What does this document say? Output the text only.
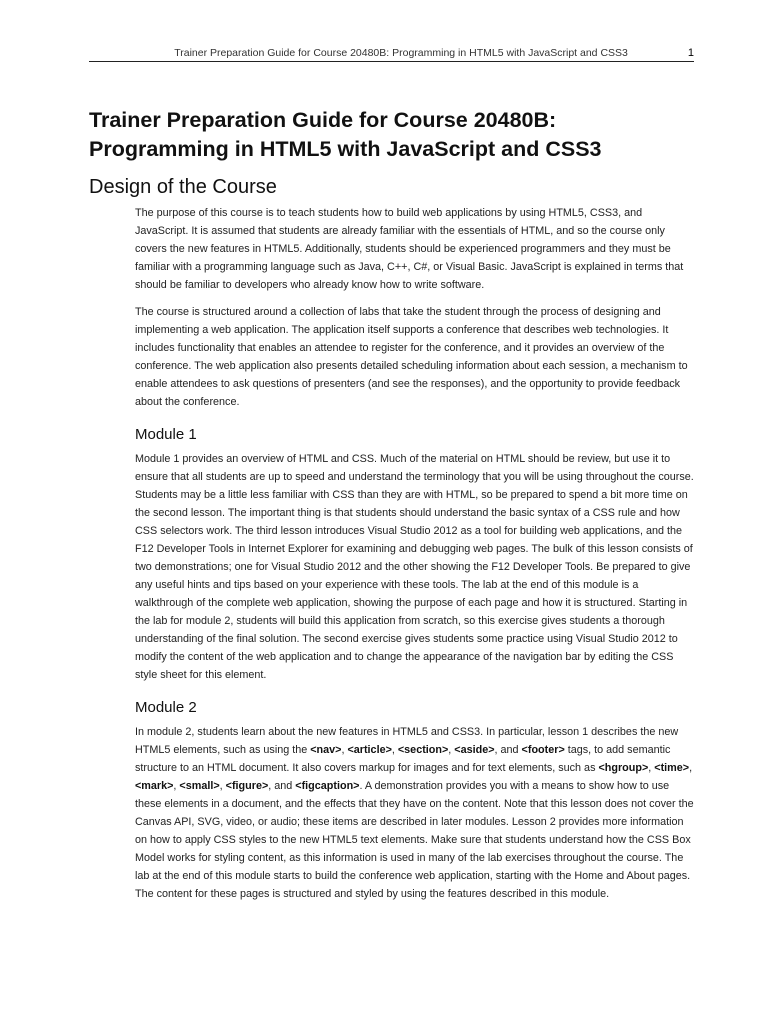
Trainer Preparation Guide for Course 20480B: Programming in HTML5 with JavaScript and CSS3	1
Trainer Preparation Guide for Course 20480B:
Programming in HTML5 with JavaScript and CSS3
Design of the Course

The purpose of this course is to teach students how to build web applications by using HTML5, CSS3, and JavaScript. It is assumed that students are already familiar with the essentials of HTML, and so the course only covers the new features in HTML5. Additionally, students should be experienced programmers and they must be familiar with a programming language such as Java, C++, C#, or Visual Basic. JavaScript is explained in terms that should be familiar to developers who already know how to write software.

The course is structured around a collection of labs that take the student through the process of designing and implementing a web application. The application itself supports a conference that describes web technologies. It includes functionality that enables an attendee to register for the conference, and it provides an overview of the conference. The web application also presents detailed scheduling information about each session, a mechanism to enable attendees to ask questions of presenters (and see the responses), and the opportunity to provide feedback about the conference.

Module 1

Module 1 provides an overview of HTML and CSS. Much of the material on HTML should be review, but use it to ensure that all students are up to speed and understand the terminology that you will be using throughout the course. Students may be a little less familiar with CSS than they are with HTML, so be prepared to spend a bit more time on the second lesson. The important thing is that students should understand the basic syntax of a CSS rule and how CSS selectors work. The third lesson introduces Visual Studio 2012 as a tool for building web applications, and the F12 Developer Tools in Internet Explorer for examining and debugging web pages. The bulk of this lesson consists of two demonstrations; one for Visual Studio 2012 and the other showing the F12 Developer Tools. Be prepared to give any useful hints and tips based on your experience with these tools. The lab at the end of this module is a walkthrough of the complete web application, showing the purpose of each page and how it is structured. Starting in the lab for module 2, students will build this application from scratch, so this exercise gives students a thorough understanding of the final solution. The second exercise gives students some practice using Visual Studio 2012 to modify the content of the web application and to change the appearance of the navigation bar by editing the CSS style sheet for this element.

Module 2

In module 2, students learn about the new features in HTML5 and CSS3. In particular, lesson 1 describes the new HTML5 elements, such as using the <nav>, <article>, <section>, <aside>, and <footer> tags, to add semantic structure to an HTML document. It also covers markup for images and for text elements, such as <hgroup>, <time>, <mark>, <small>, <figure>, and <figcaption>. A demonstration provides you with a means to show how to use these elements in a document, and the effects that they have on the content. Note that this lesson does not cover the Canvas API, SVG, video, or audio; these items are described in later modules. Lesson 2 provides more information on how to apply CSS styles to the new HTML5 text elements. Make sure that students understand how the CSS Box Model works for styling content, as this information is used in many of the lab exercises throughout the course. The lab at the end of this module starts to build the conference web application, starting with the Home and About pages. The content for these pages is structured and styled by using the features described in this module.
